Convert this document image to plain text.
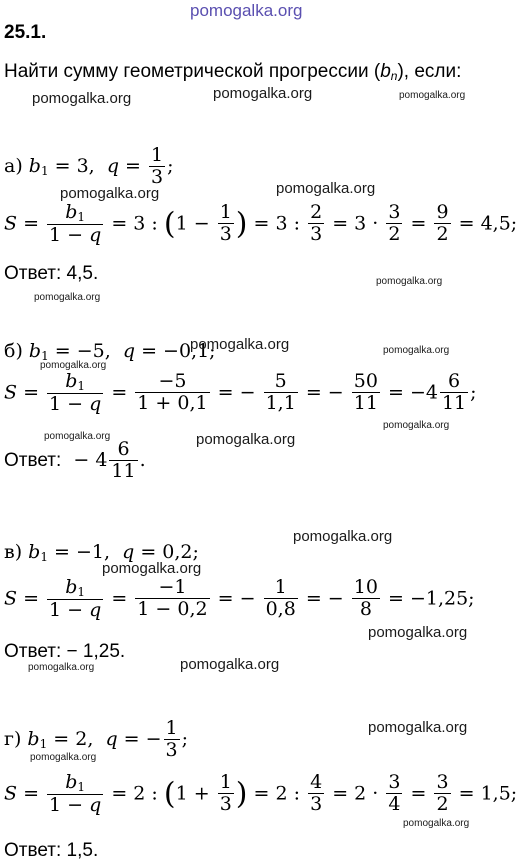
pomogalka.org
25.1.
Найти сумму геометрической прогрессии $(b_n)$, если:
pomogalka.org	pomogalka.org	pomogalka.org
а) $b_1 = 3$,  $q = \frac{1}{3}$ ;
pomogalka.org	pomogalka.org
$S = \frac{b_1}{1 - q} = 3$ : ($1 - \frac{1}{3}$ ) = 3 : $\frac{2}{3} = 3 \cdot \frac{3}{2} = \frac{9}{2} = 4,5$;
Ответ: 4,5.	pomogalka.org
pomogalka.org
б) $b_1 = -5$,  q = −0,1;
pomogalka.org	pomogalka.org
pomogalka.org
$S = \frac{b_1}{1 - q} = \frac{-5}{1 + 0,1}$ = − $\frac{5}{1,1}$ = − $\frac{50}{11} = -4 \frac{6}{11}$ ;
pomogalka.org	pomogalka.org
pomogalka.org
Ответ:  − $4 \frac{6}{11}$ .
pomogalka.org
в) $b_1 = -1$,  q = 0,2;
pomogalka.org
$S = \frac{b_1}{1 - q} = \frac{-1}{1 - 0,2}$ = − $\frac{1}{0,8}$ = − $\frac{10}{8} = -1,25$;
pomogalka.org
Ответ: − 1,25.
pomogalka.org
pomogalka.org
pomogalka.org
г) $b_1 = 2$,  q = − $\frac{1}{3}$ ;
pomogalka.org
$S = \frac{b_1}{1 - q} = 2$ : ($1 + \frac{1}{3}$ ) = 2 : $\frac{4}{3} = 2 \cdot \frac{3}{4} = \frac{3}{2} = 1,5$;
pomogalka.org
Ответ: 1,5.
